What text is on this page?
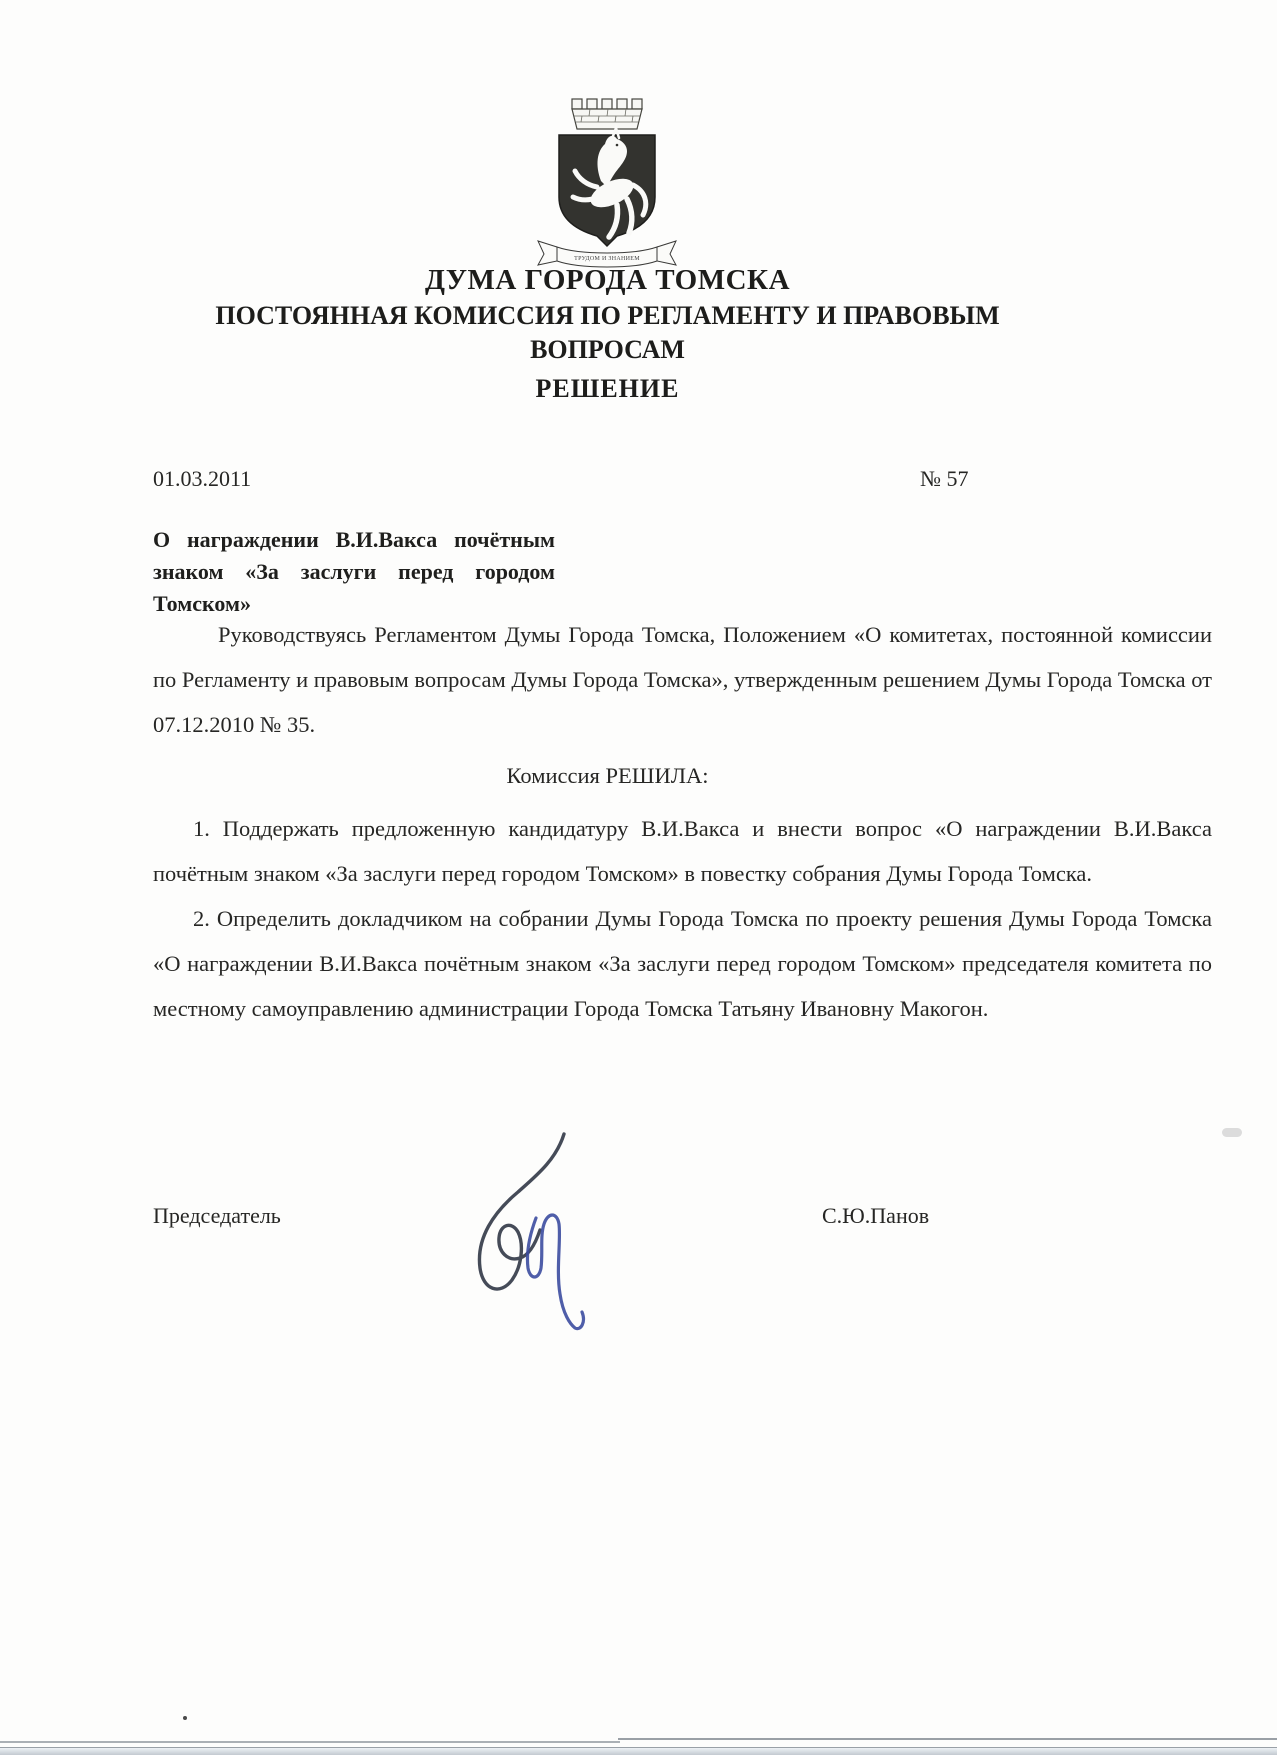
ТРУДОМ И ЗНАНИЕМ
ДУМА ГОРОДА ТОМСКА
ПОСТОЯННАЯ КОМИССИЯ ПО РЕГЛАМЕНТУ И ПРАВОВЫМ
ВОПРОСАМ
РЕШЕНИЕ
01.03.2011	№ 57
О награждении В.И.Вакса почётным
знаком «За заслуги перед городом
Томском»

Руководствуясь Регламентом Думы Города Томска, Положением «О комитетах, постоянной комиссии по Регламенту и правовым вопросам Думы Города Томска», утвержденным решением Думы Города Томска от 07.12.2010 № 35.

Комиссия РЕШИЛА:

1. Поддержать предложенную кандидатуру В.И.Вакса и внести вопрос «О награждении В.И.Вакса почётным знаком «За заслуги перед городом Томском» в повестку собрания Думы Города Томска.

2. Определить докладчиком на собрании Думы Города Томска по проекту решения Думы Города Томска «О награждении В.И.Вакса почётным знаком «За заслуги перед городом Томском» председателя комитета по местному самоуправлению администрации Города Томска Татьяну Ивановну Макогон.

Председатель	С.Ю.Панов
